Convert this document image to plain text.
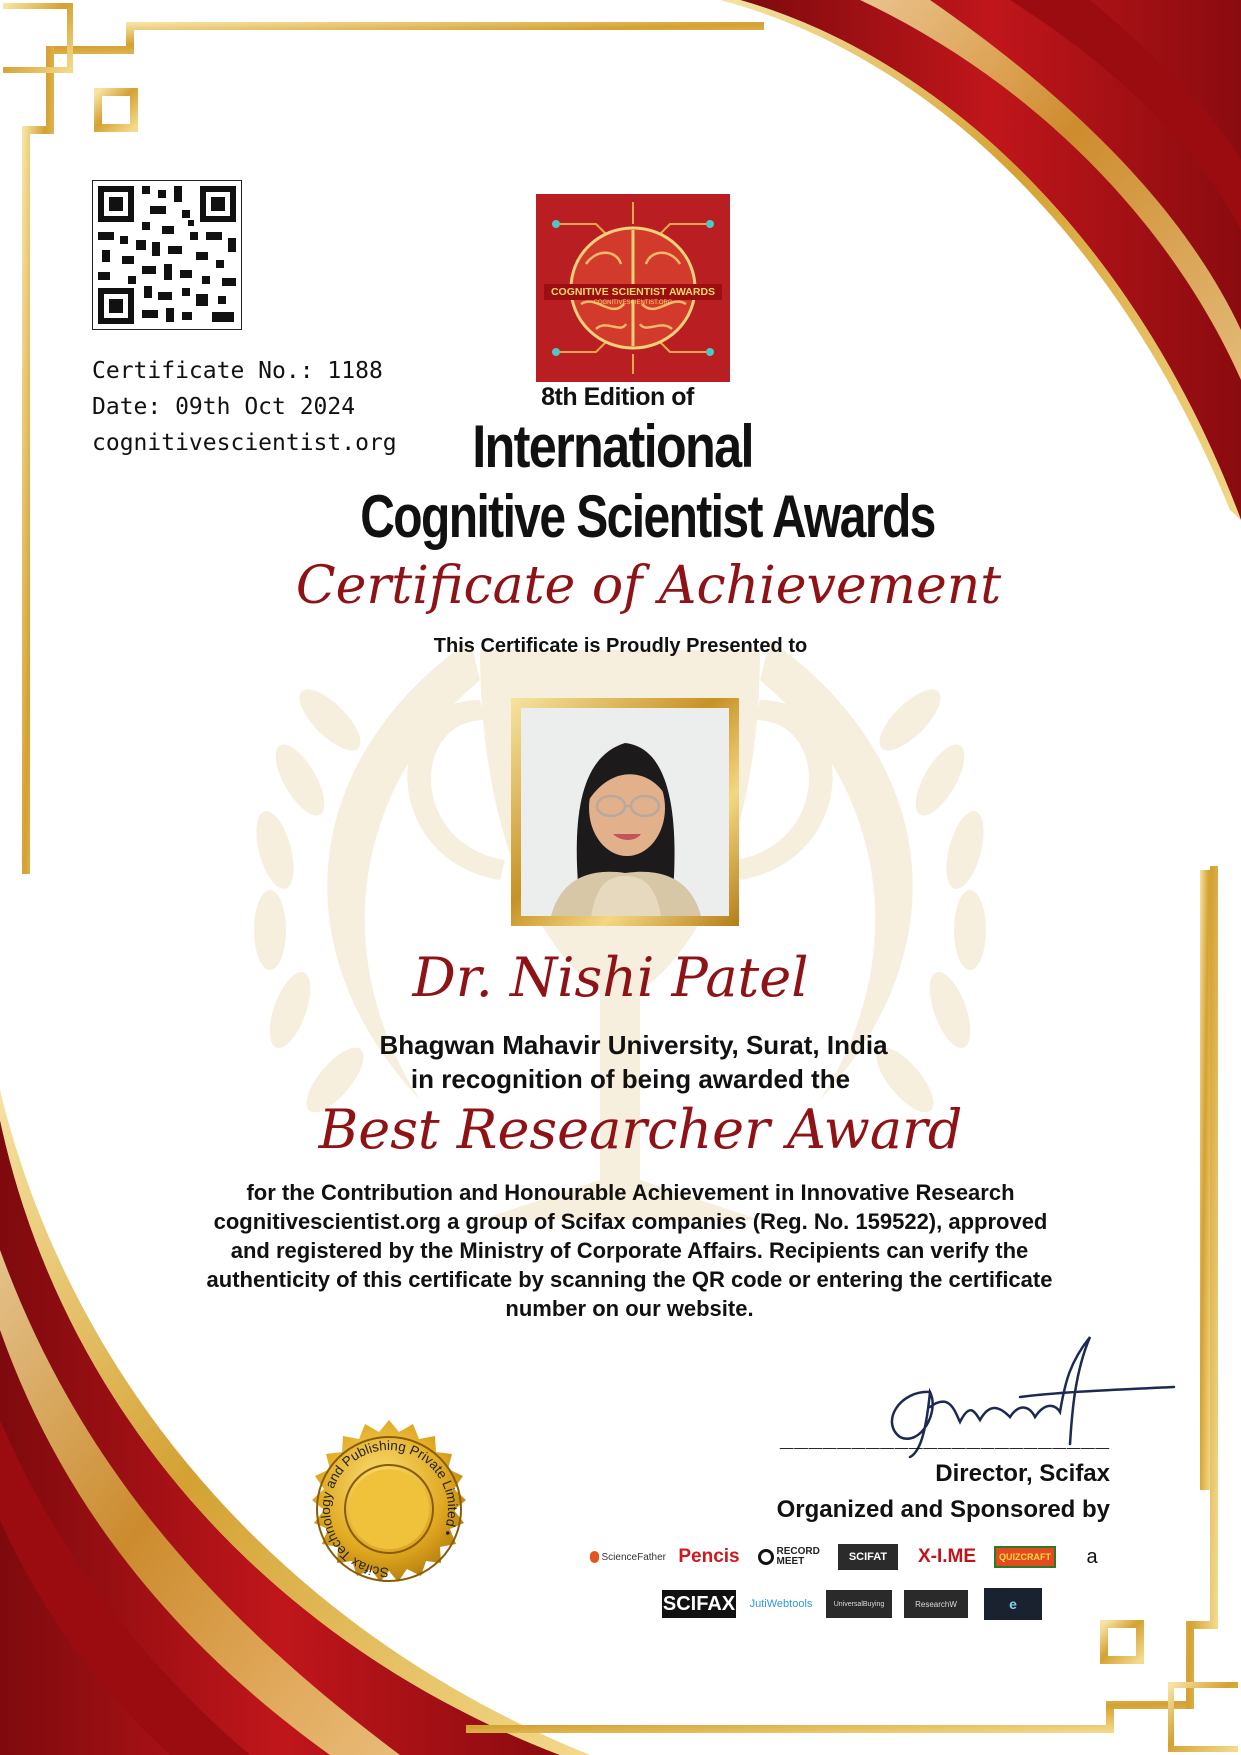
Certificate No.: 1188
Date: 09th Oct 2024
cognitivescientist.org
COGNITIVE SCIENTIST AWARDS
COGNITIVESCIENTIST.ORG
8th Edition of
International
Cognitive Scientist Awards
Certificate of Achievement
This Certificate is Proudly Presented to
Dr. Nishi Patel
Bhagwan Mahavir University, Surat, India
in recognition of being awarded the
Best Researcher Award
for the Contribution and Honourable Achievement in Innovative Research
cognitivescientist.org a group of Scifax companies (Reg. No. 159522), approved
and registered by the Ministry of Corporate Affairs. Recipients can verify the
authenticity of this certificate by scanning the QR code or entering the certificate
number on our website.
Scifax Technology and Publishing Private Limited •
_______________________
Director, Scifax
Organized and Sponsored by
ScienceFather Pencis	RECORD MEET	SCIFAT	X-I.ME	QUIZCRAFT	a
SCIFAX	JutiWebtools	UniversalBuying	ResearchW	e
